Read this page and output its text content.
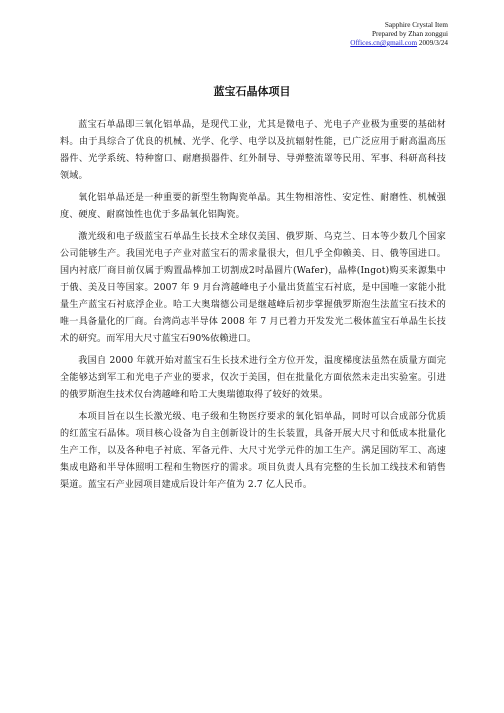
Sapphire Crystal Item
Prepared by Zhan zonggui
Offices.cn@gmail.com 2009/3/24
蓝宝石晶体项目

蓝宝石单晶即三氧化铝单晶，是现代工业，尤其是微电子、光电子产业极为重要的基础材料。由于具综合了优良的机械、光学、化学、电学以及抗辐射性能，已广泛应用于耐高温高压器件、光学系统、特种窗口、耐磨损器件、红外制导、导弹整流罩等民用、军事、科研高科技领域。

氧化铝单晶还是一种重要的新型生物陶瓷单晶。其生物相溶性、安定性、耐磨性、机械强度、硬度、耐腐蚀性也优于多晶氧化铝陶瓷。

激光级和电子级蓝宝石单晶生长技术全球仅美国、俄罗斯、乌克兰、日本等少数几个国家公司能够生产。我国光电子产业对蓝宝石的需求量很大，但几乎全仰赖美、日、俄等国进口。国内衬底厂商目前仅属于购置晶棒加工切割成2吋晶圆片(Wafer)，晶棒(Ingot)购买来源集中于俄、美及日等国家。2007 年 9 月台湾越峰电子小量出货蓝宝石衬底，是中国唯一家能小批量生产蓝宝石衬底浮企业。哈工大奥瑞德公司是继越峰后初步掌握俄罗斯泡生法蓝宝石技术的唯一具备量化的厂商。台湾尚志半导体 2008 年 7 月已着力开发发光二极体蓝宝石单晶生长技术的研究。而军用大尺寸蓝宝石90%依赖进口。

我国自 2000 年就开始对蓝宝石生长技术进行全方位开发，温度梯度法虽然在质量方面完全能够达到军工和光电子产业的要求，仅次于美国，但在批量化方面依然未走出实验室。引进的俄罗斯泡生技术仅台湾越峰和哈工大奥瑞德取得了较好的效果。

本项目旨在以生长激光级、电子级和生物医疗要求的氧化铝单晶，同时可以合成部分优质的红蓝宝石晶体。项目核心设备为自主创新设计的生长装置，具备开展大尺寸和低成本批量化生产工作，以及各种电子衬底、军备元件、大尺寸光学元件的加工生产。满足国防军工、高速集成电路和半导体照明工程和生物医疗的需求。项目负责人具有完整的生长加工线技术和销售渠道。蓝宝石产业园项目建成后设计年产值为 2.7 亿人民币。
